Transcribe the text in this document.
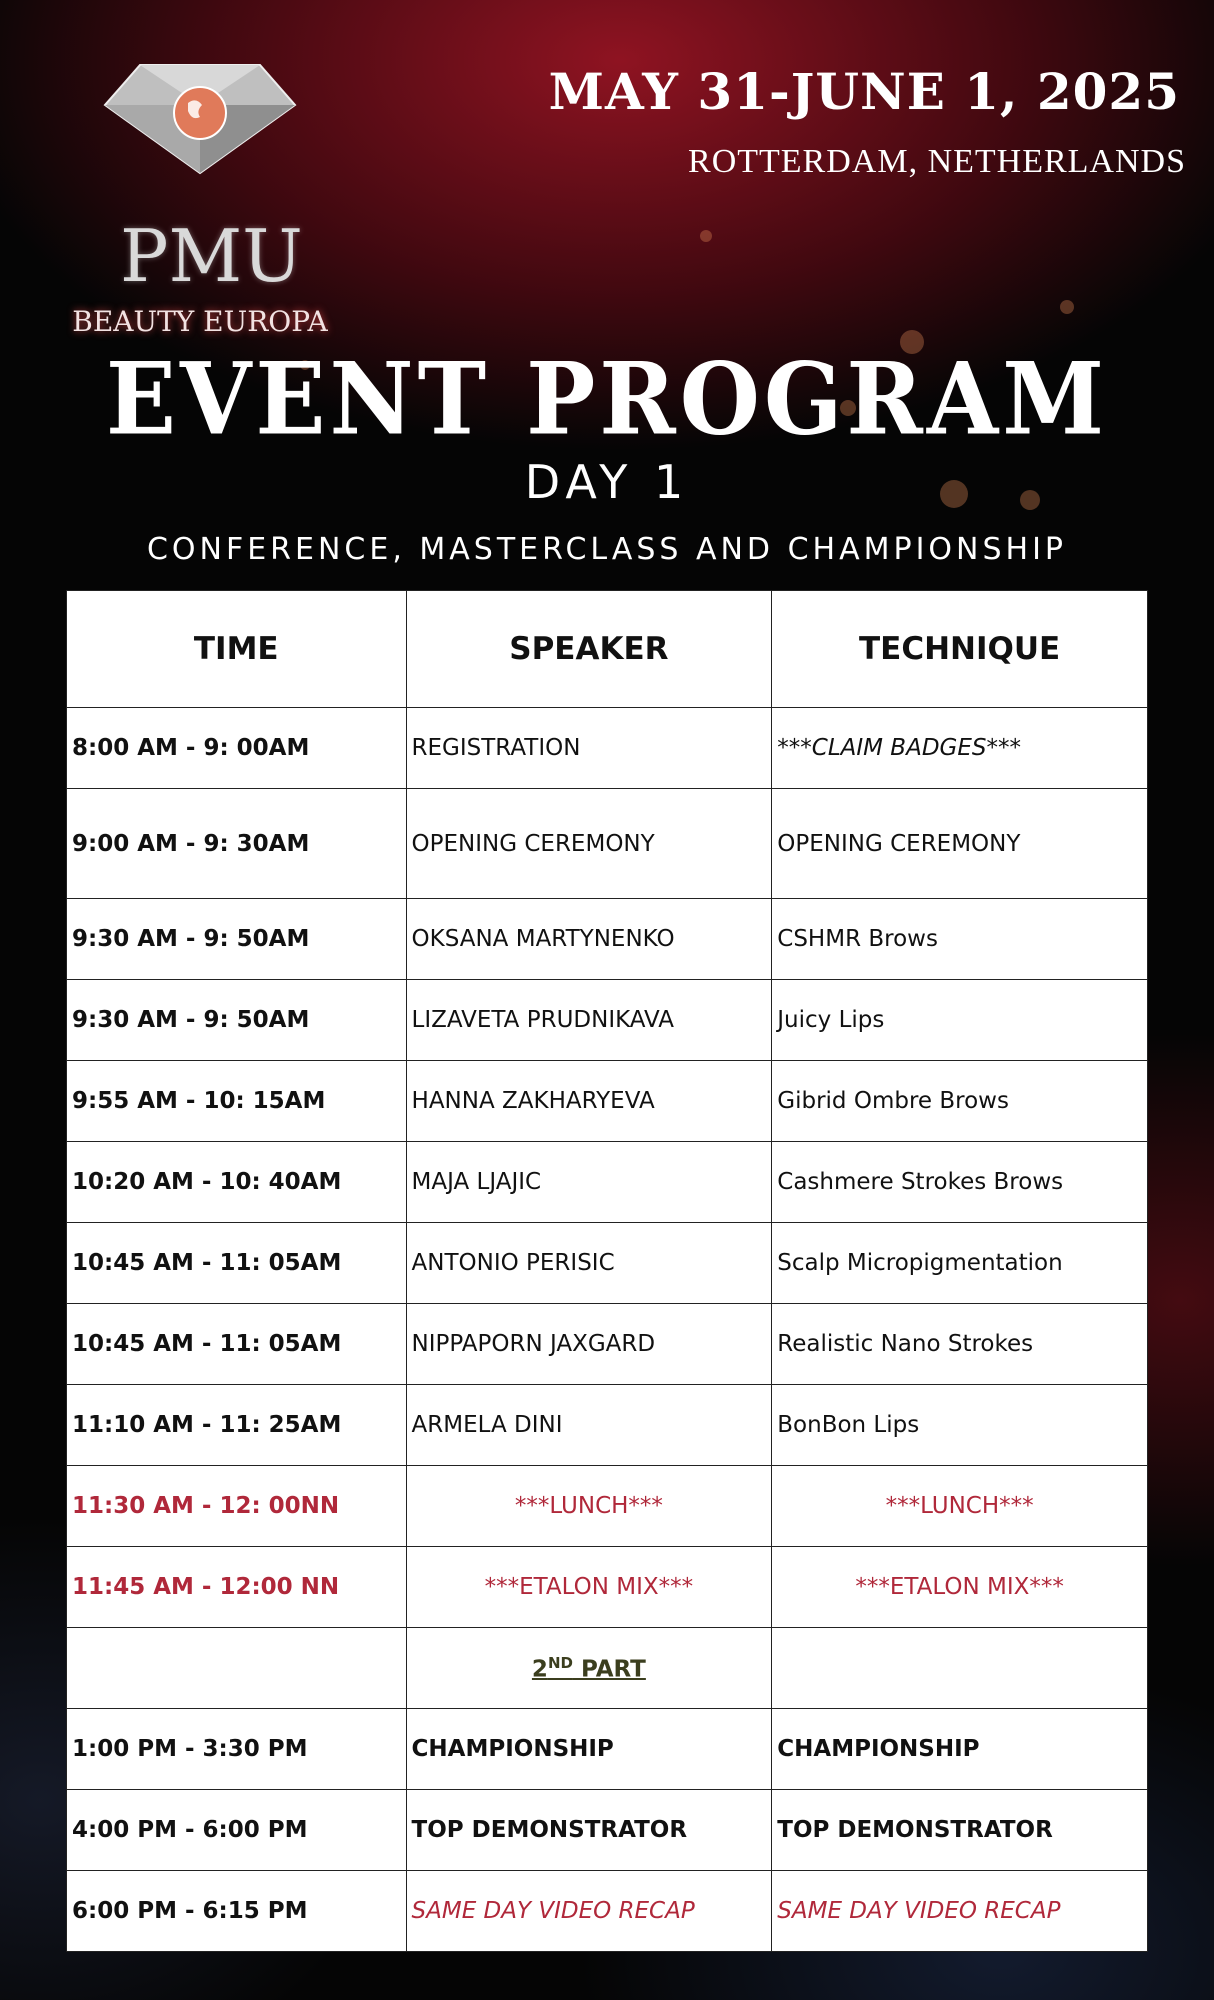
PMU
BEAUTY EUROPA
MAY 31-JUNE 1, 2025
ROTTERDAM, NETHERLANDS
EVENT PROGRAM
DAY 1
CONFERENCE, MASTERCLASS AND CHAMPIONSHIP
TIME	SPEAKER	TECHNIQUE
8:00 AM - 9: 00AM	REGISTRATION	***CLAIM BADGES***
9:00 AM - 9: 30AM	OPENING CEREMONY	OPENING CEREMONY
9:30 AM - 9: 50AM	OKSANA MARTYNENKO	CSHMR Brows
9:30 AM - 9: 50AM	LIZAVETA PRUDNIKAVA	Juicy Lips
9:55 AM - 10: 15AM	HANNA ZAKHARYEVA	Gibrid Ombre Brows
10:20 AM - 10: 40AM	MAJA LJAJIC	Cashmere Strokes Brows
10:45 AM - 11: 05AM	ANTONIO PERISIC	Scalp Micropigmentation
10:45 AM - 11: 05AM	NIPPAPORN JAXGARD	Realistic Nano Strokes
11:10 AM - 11: 25AM	ARMELA DINI	BonBon Lips
11:30 AM - 12: 00NN	***LUNCH***	***LUNCH***
11:45 AM - 12:00 NN	***ETALON MIX***	***ETALON MIX***
	2ND PART	
1:00 PM - 3:30 PM	CHAMPIONSHIP	CHAMPIONSHIP
4:00 PM - 6:00 PM	TOP DEMONSTRATOR	TOP DEMONSTRATOR
6:00 PM - 6:15 PM	SAME DAY VIDEO RECAP	SAME DAY VIDEO RECAP
